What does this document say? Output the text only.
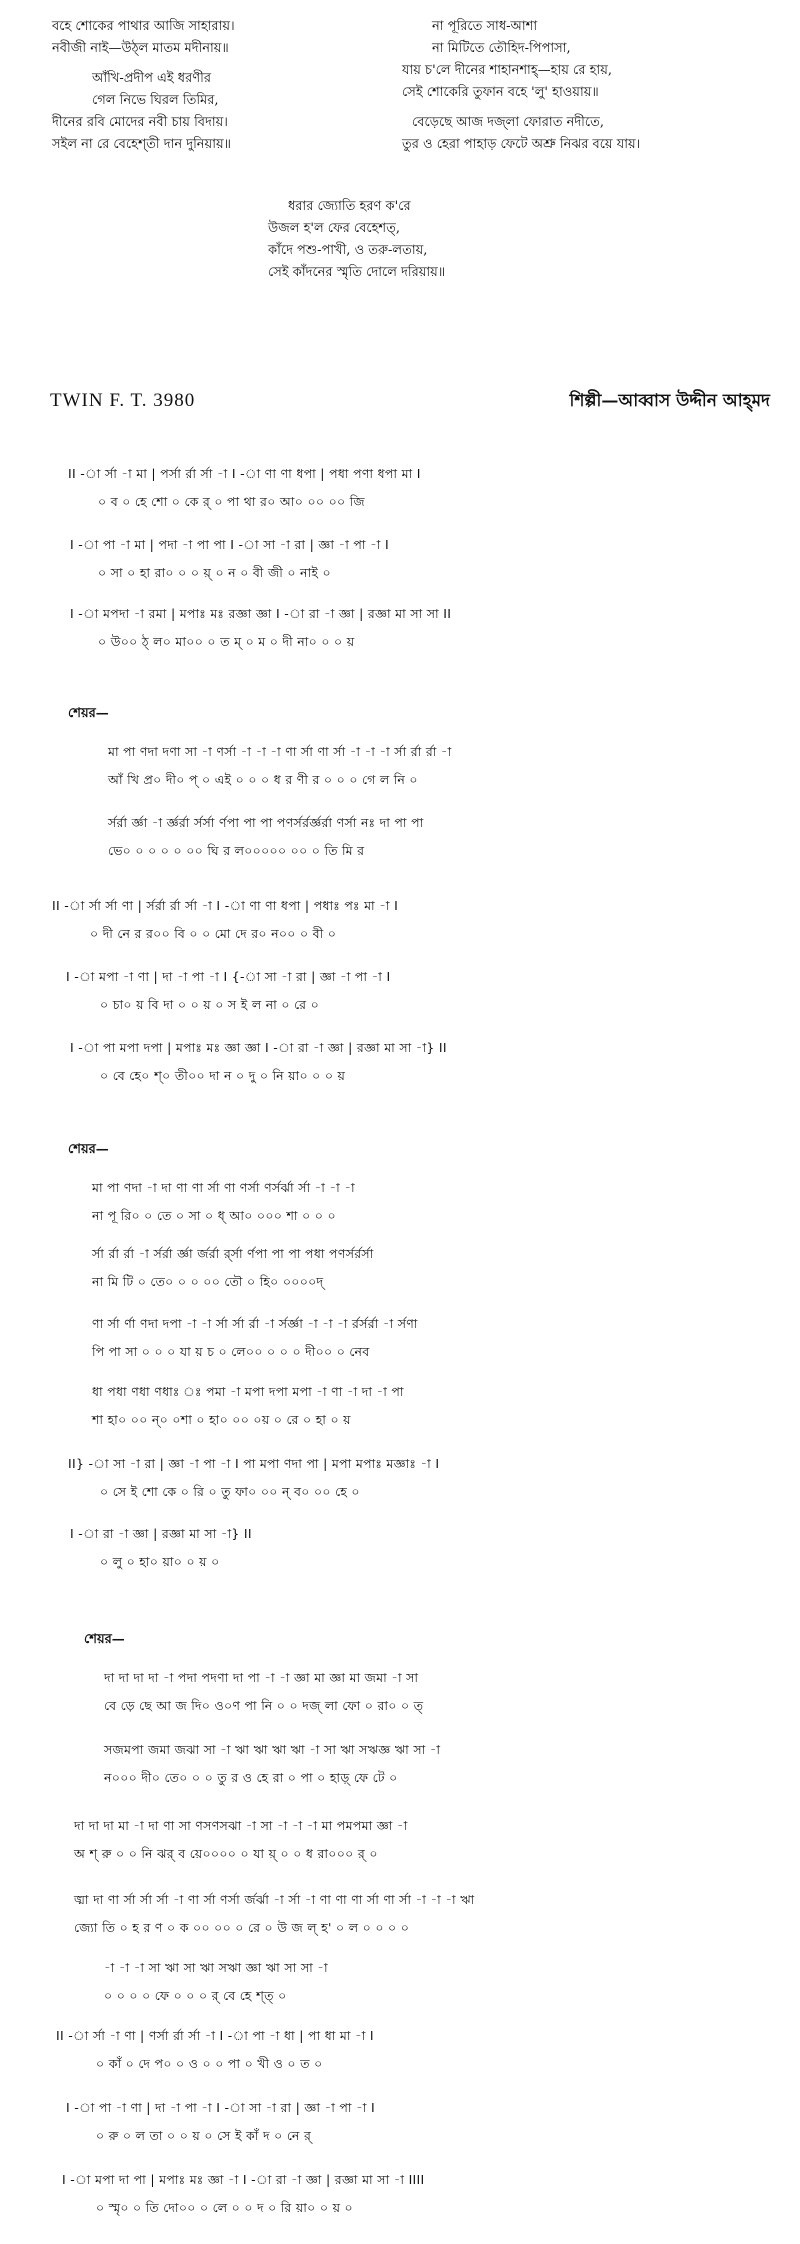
বহে শোকের পাথার আজি সাহারায়।
নবীজী নাই—উঠ্‌ল মাতম মদীনায়॥
আঁখি-প্রদীপ এই ধরণীর
গেল নিভে ঘিরল তিমির,
দীনের রবি মোদের নবী চায় বিদায়।
সইল না রে বেহেশ্‌তী দান দুনিয়ায়॥
না পূরিতে সাধ-আশা
না মিটিতে তৌহিদ-পিপাসা,
যায় চ'লে দীনের শাহানশাহ্‌—হায় রে হায়,
সেই শোকেরি তুফান বহে 'লু' হাওয়ায়॥
বেড়েছে আজ দজ্‌লা ফোরাত নদীতে,
তুর ও হেরা পাহাড় ফেটে অশ্রু নিঝর বয়ে যায়।
ধরার জ্যোতি হরণ ক'রে
উজল হ'ল ফের বেহেশত্‌,
কাঁদে পশু-পাখী, ও তরু-লতায়,
সেই কাঁদনের স্মৃতি দোলে দরিয়ায়॥
TWIN F. T. 3980	শিল্পী—আব্বাস উদ্দীন আহ্‌মদ
II -া র্সা -া মা | পর্সা র্রা র্সা -া I -া ণা ণা ধপা | পধা পণা ধপা মা I
০ ব ০ হে শো ০ কে র্‌ ০ পা থা র০ আ০ ০০ ০০ জি
I -া পা -া মা | পদা -া পা পা I -া সা -া রা | জ্ঞা -া পা -া I
০ সা ০ হা রা০ ০ ০ য়্‌ ০ ন ০ বী জী ০ নাই ০
I -া মপদা -া রমা | মপাঃ মঃ রজ্ঞা জ্ঞা I -া রা -া জ্ঞা | রজ্ঞা মা সা সা II
০ উ০০ ঠ্‌ ল০ মা০০ ০ ত ম্‌ ০ ম ০ দী না০ ০ ০ য়
শেয়র—
মা পা ণদা দণা সা -া ণর্সা -া -া -া ণা র্সা ণা র্সা -া -া -া র্সা র্রা র্রা -া
আঁ খি প্র০ দী০ প্‌ ০ এই ০ ০ ০ ধ র ণী র ০ ০ ০ গে ল নি ০
র্সর্রা র্জ্ঞা -া র্জ্ঞর্রা র্সর্সা র্ণপা পা পা পণর্সর্রর্জ্ঞর্রা ণর্সা নঃ দা পা পা
ভে০ ০ ০ ০ ০ ০০ ঘি র ল০০০০০ ০০ ০ তি মি র
II -া র্সা র্সা ণা | র্সর্রা র্রা র্সা -া I -া ণা ণা ধপা | পধাঃ পঃ মা -া I
০ দী নে র র০০ বি ০ ০ মো দে র০ ন০০ ০ বী ০
I -া মপা -া ণা | দা -া পা -া I {-া সা -া রা | জ্ঞা -া পা -া I
০ চা০ য় বি দা ০ ০ য় ০ স ই ল না ০ রে ০
I -া পা মপা দপা | মপাঃ মঃ জ্ঞা জ্ঞা I -া রা -া জ্ঞা | রজ্ঞা মা সা -া} II
০ বে হে০ শ্‌০ তী০০ দা ন ০ দু ০ নি য়া০ ০ ০ য়
শেয়র—
মা পা ণদা -া দা ণা ণা র্সা ণা ণর্সা ণর্সর্ঝা র্সা -া -া -া
না পূ রি০ ০ তে ০ সা ০ ধ্‌ আ০ ০০০ শা ০ ০ ০
র্সা র্রা র্রা -া র্সর্রা র্জ্ঞা র্জর্রা র্র্সা র্ণপা পা পা পধা পণর্সর্রর্সা
না মি টি ০ তে০ ০ ০ ০০ তৌ ০ হি০ ০০০০দ্‌
ণা র্সা র্ণা ণদা দপা -া -া র্সা র্সা র্রা -া র্সর্জ্ঞা -া -া -া র্রর্সর্রা -া র্সণা
পি পা সা ০ ০ ০ যা য় চ ০ লে০০ ০ ০ ০ দী০০ ০ নেব
ধা পধা ণধা ণধাঃ ঃ পমা -া মপা দপা মপা -া ণা -া দা -া পা
শা হা০ ০০ ন্‌০ ০শা ০ হা০ ০০ ০য় ০ রে ০ হা ০ য়
II} -া সা -া রা | জ্ঞা -া পা -া I পা মপা ণদা পা | মপা মপাঃ মজ্ঞাঃ -া I
০ সে ই শো কে ০ রি ০ তু ফা০ ০০ ন্‌ ব০ ০০ হে ০
I -া রা -া জ্ঞা | রজ্ঞা মা সা -া} II
০ লু ০ হা০ য়া০ ০ য় ০
শেয়র—
দা দা দা দা -া পদা পদণা দা পা -া -া জ্ঞা মা জ্ঞা মা জমা -া সা
বে ড়ে ছে আ জ দি০ ও০ণ পা নি ০ ০ দজ্‌ লা ফো ০ রা০ ০ ত্‌
সজমপা জমা জঝা সা -া ঋা ঋা ঋা ঋা -া সা ঋা সঋজ্ঞ ঋা সা -া
ন০০০ দী০ তে০ ০ ০ তু র ও হে রা ০ পা ০ হাড়্‌ ফে টে ০
দা দা দা মা -া দা ণা সা ণসণসঝা -া সা -া -া -া মা পমপমা জ্ঞা -া
অ শ্‌ রু ০ ০ নি ঝর্‌ ব য়ে০০০০ ০ যা য়্‌ ০ ০ ধ রা০০০ র্‌ ০
ঙ্মা দা ণা র্সা র্সা র্সা -া ণা র্সা ণর্সা র্জর্ঝা -া র্সা -া ণা ণা ণা র্সা ণা র্সা -া -া -া ঋা
জ্যো তি ০ হ র ণ ০ ক ০০ ০০ ০ রে ০ উ জ ল্‌ হ' ০ ল ০ ০ ০ ০
-া -া -া সা ঋা সা ঋা সঋা জ্ঞা ঋা সা সা -া
০ ০ ০ ০ ফে ০ ০ ০ র্‌ বে হে শ্‌ত্‌ ০
II -া র্সা -া ণা | ণর্সা র্রা র্সা -া I -া পা -া ধা | পা ধা মা -া I
০ কাঁ ০ দে প০ ০ ও ০ ০ পা ০ খী ও ০ ত ০
I -া পা -া ণা | দা -া পা -া I -া সা -া রা | জ্ঞা -া পা -া I
০ রু ০ ল তা ০ ০ য় ০ সে ই কাঁ দ ০ নে র্‌
I -া মপা দা পা | মপাঃ মঃ জ্ঞা -া I -া রা -া জ্ঞা | রজ্ঞা মা সা -া IIII
০ স্মৃ০ ০ তি দো০০ ০ লে ০ ০ দ ০ রি য়া০ ০ য় ০
